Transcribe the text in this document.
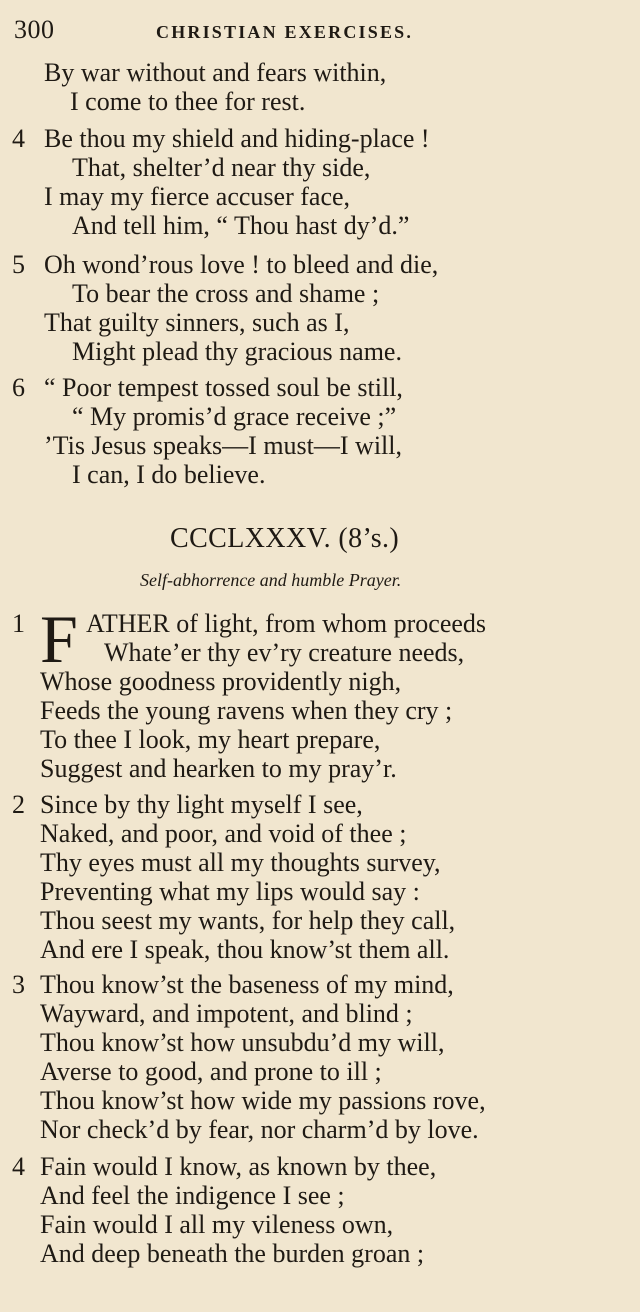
300	CHRISTIAN EXERCISES.
By war without and fears within,
I come to thee for rest.
4 Be thou my shield and hiding-place !
That, shelter’d near thy side,
I may my fierce accuser face,
And tell him, “ Thou hast dy’d.”
5 Oh wond’rous love ! to bleed and die,
To bear the cross and shame ;
That guilty sinners, such as I,
Might plead thy gracious name.
6 “ Poor tempest tossed soul be still,
“ My promis’d grace receive ;”
’Tis Jesus speaks—I must—I will,
I can, I do believe.
CCCLXXXV. (8’s.)
Self-abhorrence and humble Prayer.
F
1 ATHER of light, from whom proceeds
Whate’er thy ev’ry creature needs,
Whose goodness providently nigh,
Feeds the young ravens when they cry ;
To thee I look, my heart prepare,
Suggest and hearken to my pray’r.
2 Since by thy light myself I see,
Naked, and poor, and void of thee ;
Thy eyes must all my thoughts survey,
Preventing what my lips would say :
Thou seest my wants, for help they call,
And ere I speak, thou know’st them all.
3 Thou know’st the baseness of my mind,
Wayward, and impotent, and blind ;
Thou know’st how unsubdu’d my will,
Averse to good, and prone to ill ;
Thou know’st how wide my passions rove,
Nor check’d by fear, nor charm’d by love.
4 Fain would I know, as known by thee,
And feel the indigence I see ;
Fain would I all my vileness own,
And deep beneath the burden groan ;
